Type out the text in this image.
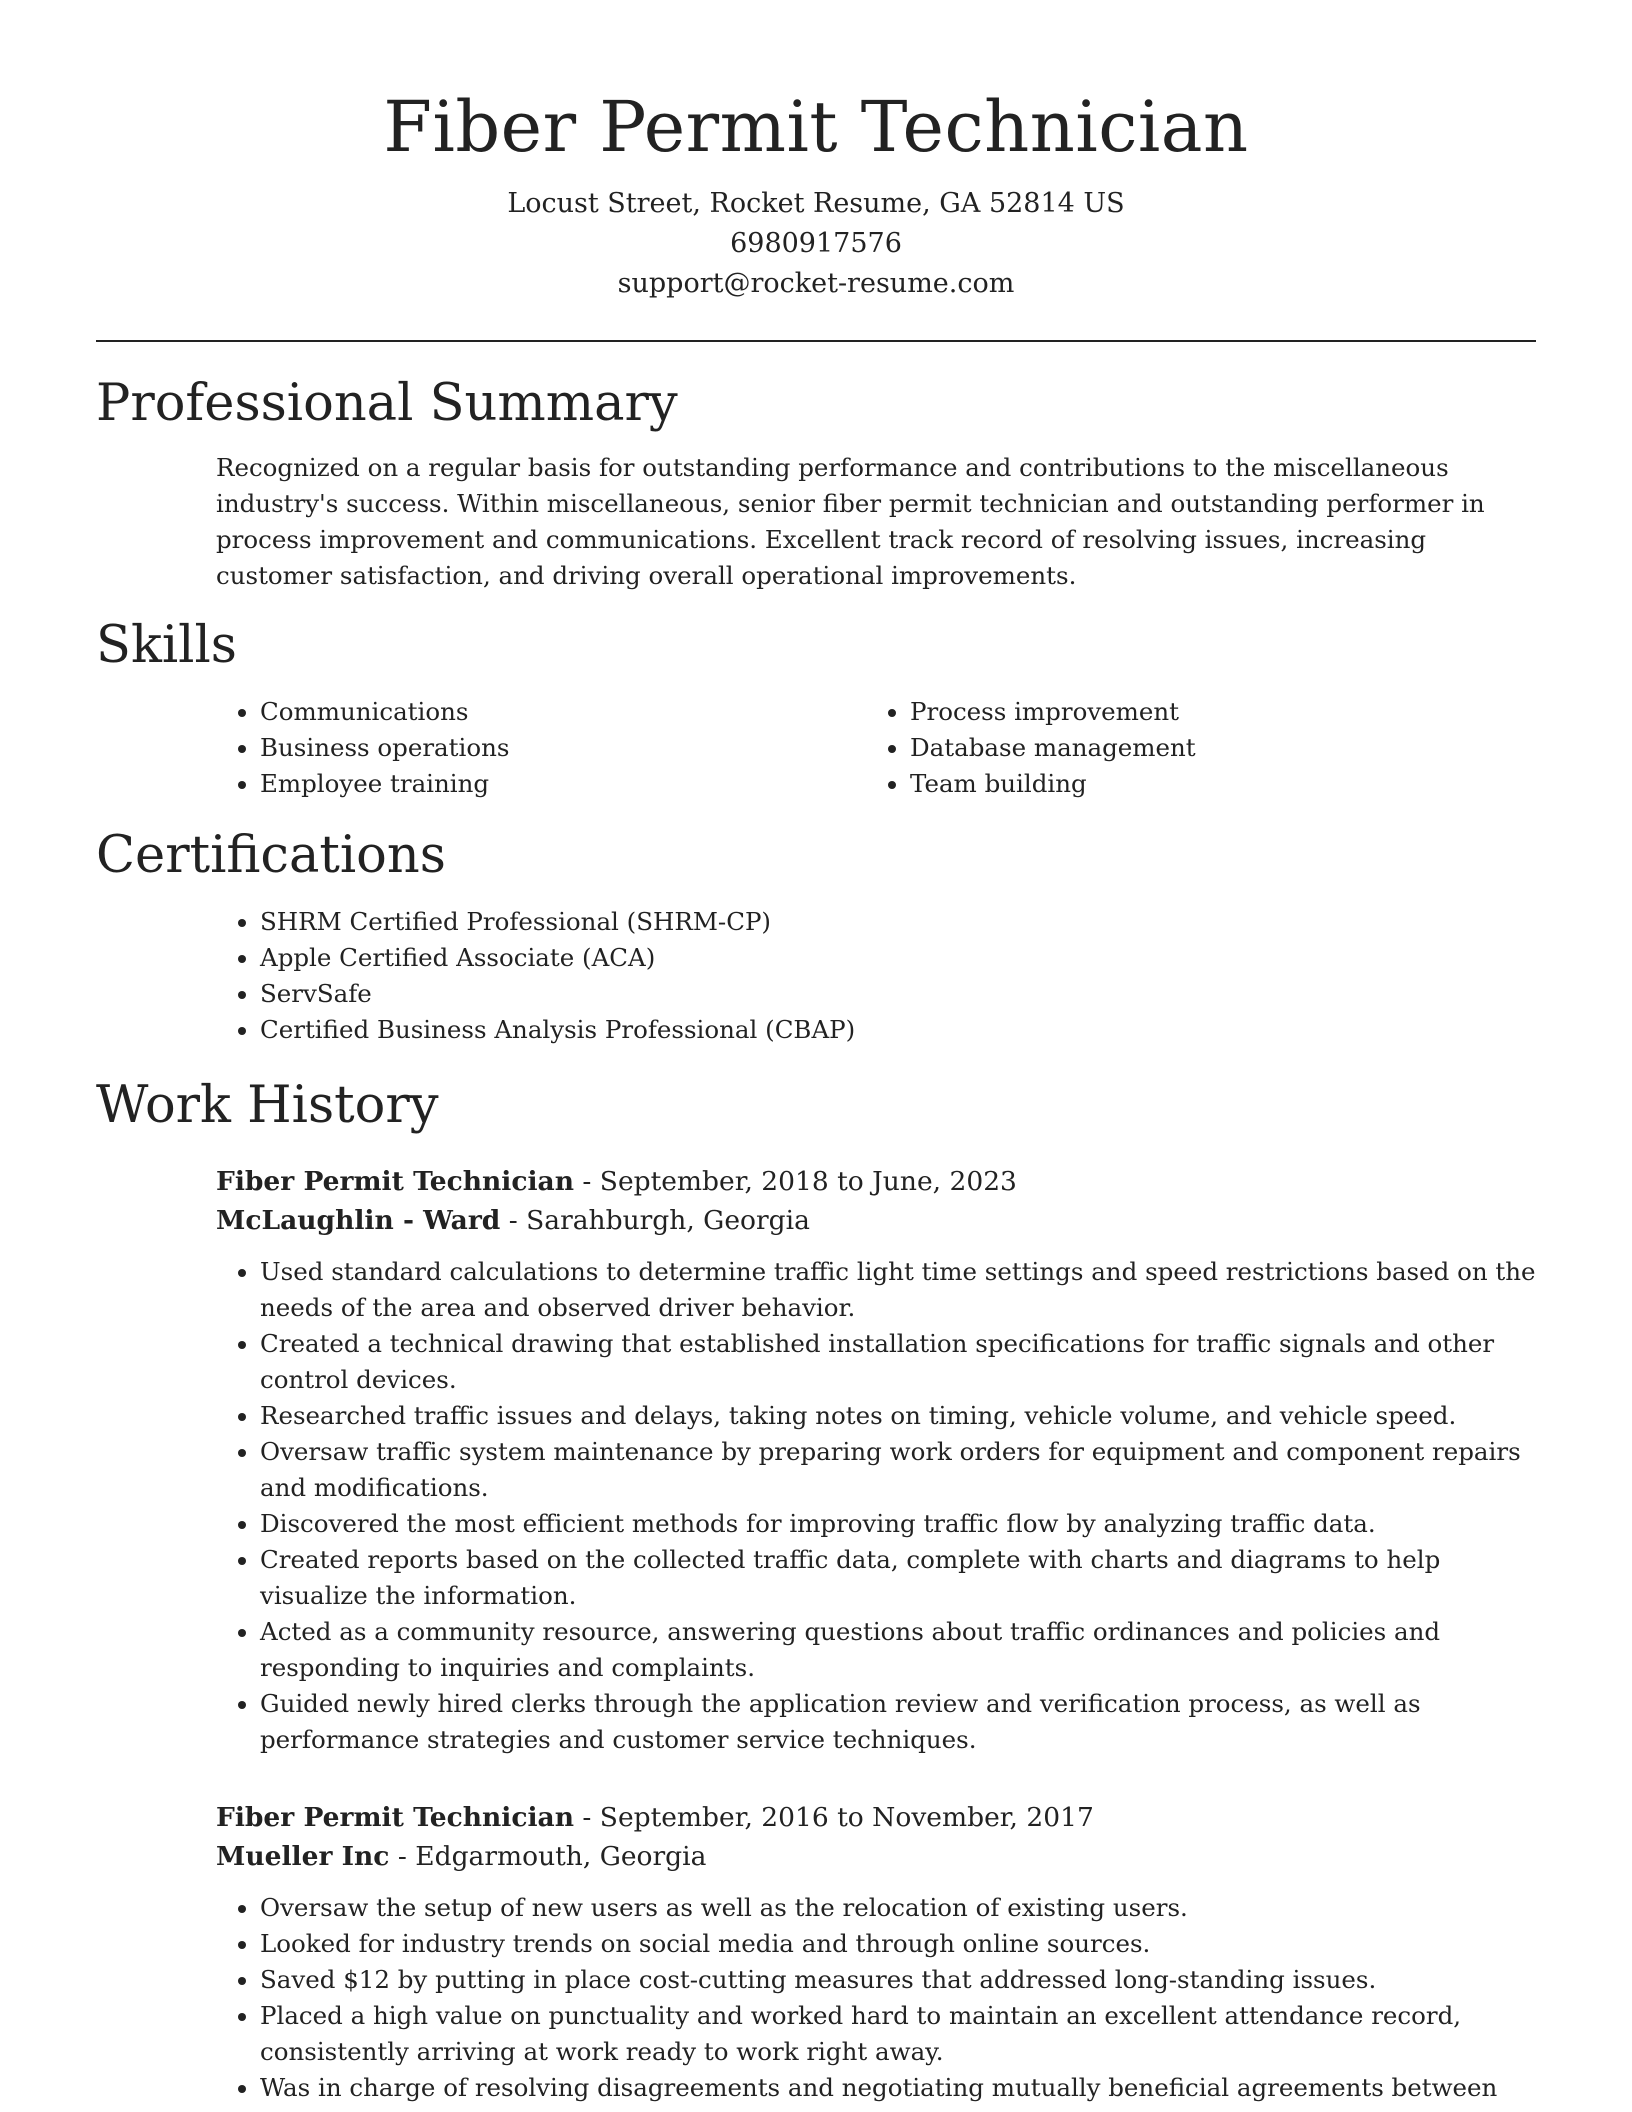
Fiber Permit Technician
Locust Street, Rocket Resume, GA 52814 US
6980917576
support@rocket-resume.com
Professional Summary

Recognized on a regular basis for outstanding performance and contributions to the miscellaneous industry's success. Within miscellaneous, senior fiber permit technician and outstanding performer in process improvement and communications. Excellent track record of resolving issues, increasing customer satisfaction, and driving overall operational improvements.

Skills
• Communications
• Business operations
• Employee training
• Process improvement
• Database management
• Team building
Certifications
• SHRM Certified Professional (SHRM-CP)
• Apple Certified Associate (ACA)
• ServSafe
• Certified Business Analysis Professional (CBAP)
Work History
Fiber Permit Technician - September, 2018 to June, 2023
McLaughlin - Ward - Sarahburgh, Georgia
• Used standard calculations to determine traffic light time settings and speed restrictions based on the needs of the area and observed driver behavior.
• Created a technical drawing that established installation specifications for traffic signals and other control devices.
• Researched traffic issues and delays, taking notes on timing, vehicle volume, and vehicle speed.
• Oversaw traffic system maintenance by preparing work orders for equipment and component repairs and modifications.
• Discovered the most efficient methods for improving traffic flow by analyzing traffic data.
• Created reports based on the collected traffic data, complete with charts and diagrams to help visualize the information.
• Acted as a community resource, answering questions about traffic ordinances and policies and responding to inquiries and complaints.
• Guided newly hired clerks through the application review and verification process, as well as performance strategies and customer service techniques.
Fiber Permit Technician - September, 2016 to November, 2017
Mueller Inc - Edgarmouth, Georgia
• Oversaw the setup of new users as well as the relocation of existing users.
• Looked for industry trends on social media and through online sources.
• Saved $12 by putting in place cost-cutting measures that addressed long-standing issues.
• Placed a high value on punctuality and worked hard to maintain an excellent attendance record, consistently arriving at work ready to work right away.
• Was in charge of resolving disagreements and negotiating mutually beneficial agreements between
